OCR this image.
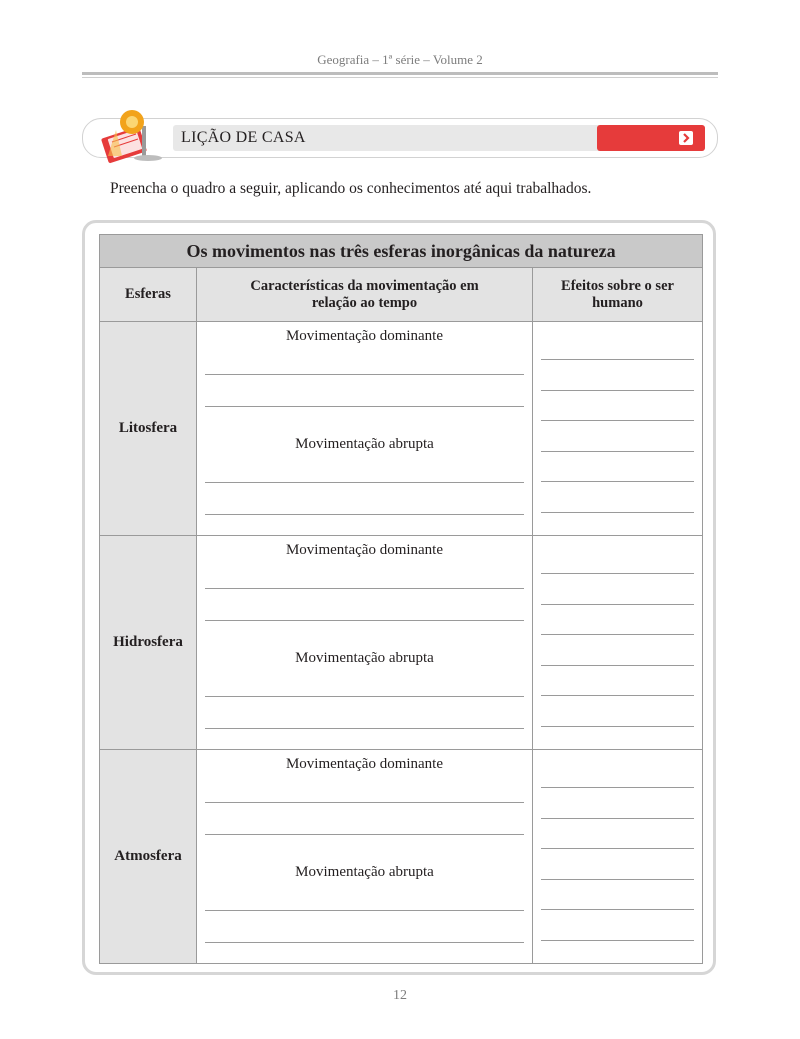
Geografia – 1ª série – Volume 2
LIÇÃO DE CASA
Preencha o quadro a seguir, aplicando os conhecimentos até aqui trabalhados.
Os movimentos nas três esferas inorgânicas da natureza		
Esferas	Características da movimentação em relação ao tempo	Efeitos sobre o ser humano
Litosfera	Movimentação dominante
Movimentação abrupta	

Hidrosfera	Movimentação dominante
Movimentação abrupta	

Atmosfera	Movimentação dominante
Movimentação abrupta	

12
